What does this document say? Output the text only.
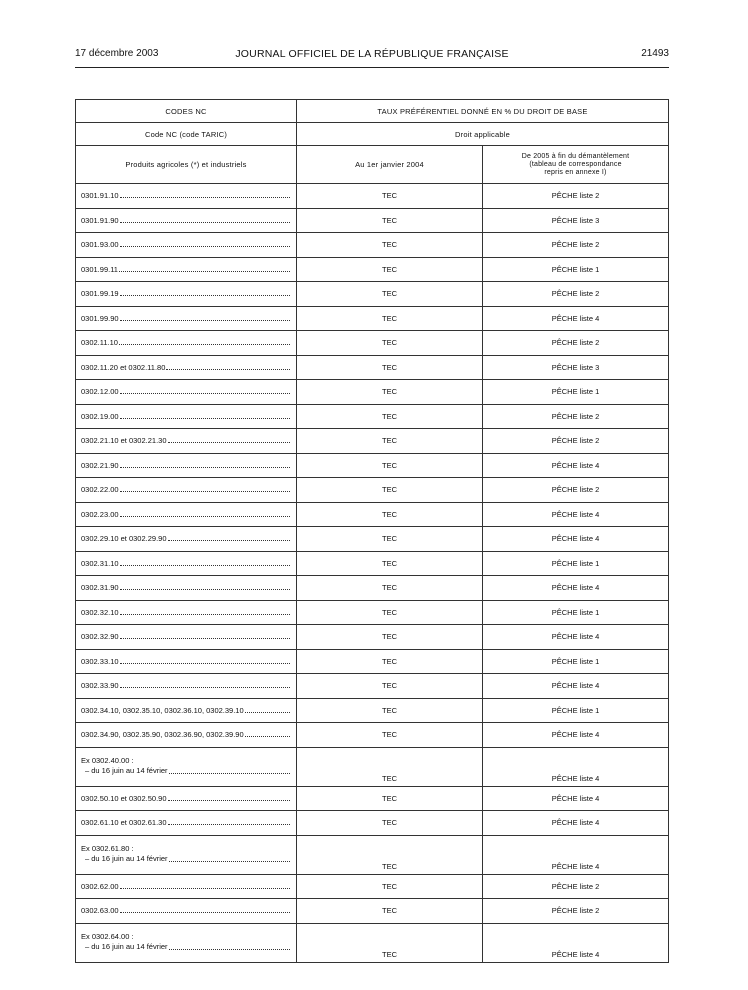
17 décembre 2003	JOURNAL OFFICIEL DE LA RÉPUBLIQUE FRANÇAISE	21493
CODES NC	TAUX PRÉFÉRENTIEL DONNÉ EN % DU DROIT DE BASE	
Code NC (code TARIC)	Droit applicable	
Produits agricoles (*) et industriels	Au 1er janvier 2004	De 2005 à fin du démantèlement
(tableau de correspondance
repris en annexe I)

0301.91.10	TEC	PÊCHE liste 2

0301.91.90	TEC	PÊCHE liste 3

0301.93.00	TEC	PÊCHE liste 2

0301.99.11	TEC	PÊCHE liste 1

0301.99.19	TEC	PÊCHE liste 2

0301.99.90	TEC	PÊCHE liste 4

0302.11.10	TEC	PÊCHE liste 2

0302.11.20 et 0302.11.80	TEC	PÊCHE liste 3

0302.12.00	TEC	PÊCHE liste 1

0302.19.00	TEC	PÊCHE liste 2

0302.21.10 et 0302.21.30	TEC	PÊCHE liste 2

0302.21.90	TEC	PÊCHE liste 4

0302.22.00	TEC	PÊCHE liste 2

0302.23.00	TEC	PÊCHE liste 4

0302.29.10 et 0302.29.90	TEC	PÊCHE liste 4

0302.31.10	TEC	PÊCHE liste 1

0302.31.90	TEC	PÊCHE liste 4

0302.32.10	TEC	PÊCHE liste 1

0302.32.90	TEC	PÊCHE liste 4

0302.33.10	TEC	PÊCHE liste 1

0302.33.90	TEC	PÊCHE liste 4

0302.34.10, 0302.35.10, 0302.36.10, 0302.39.10	TEC	PÊCHE liste 1

0302.34.90, 0302.35.90, 0302.36.90, 0302.39.90	TEC	PÊCHE liste 4

Ex 0302.40.00 :
– du 16 juin au 14 février	TEC	PÊCHE liste 4

0302.50.10 et 0302.50.90	TEC	PÊCHE liste 4

0302.61.10 et 0302.61.30	TEC	PÊCHE liste 4

Ex 0302.61.80 :
– du 16 juin au 14 février	TEC	PÊCHE liste 4

0302.62.00	TEC	PÊCHE liste 2

0302.63.00	TEC	PÊCHE liste 2

Ex 0302.64.00 :
– du 16 juin au 14 février	TEC	PÊCHE liste 4
